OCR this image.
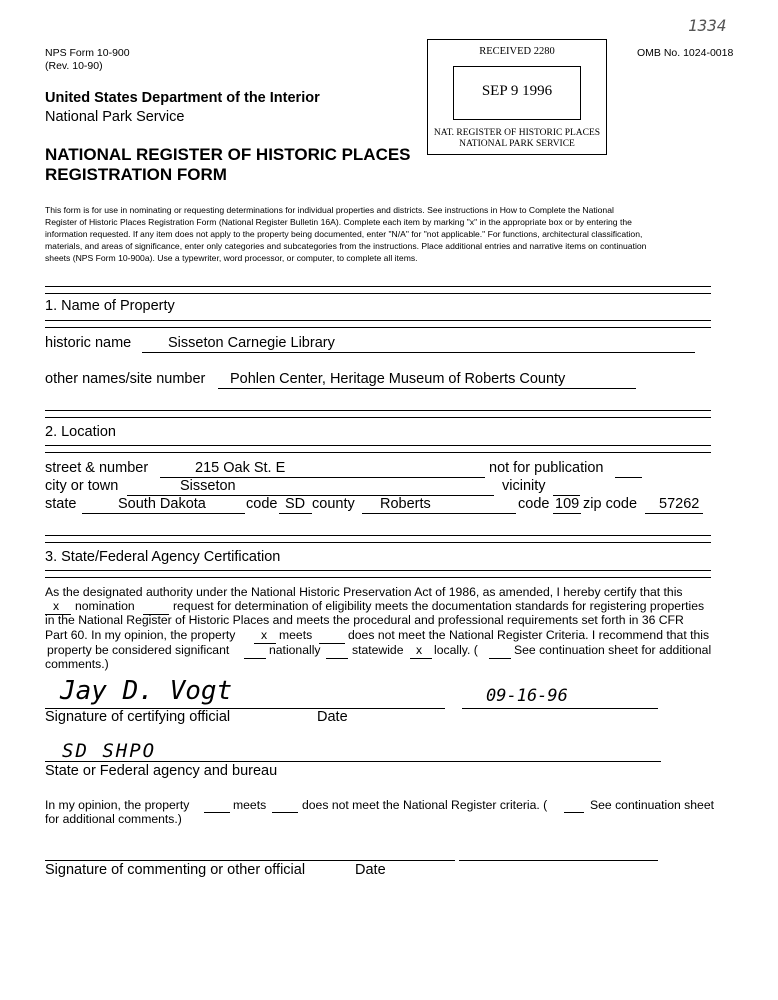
NPS Form 10-900
(Rev. 10-90)
OMB No. 1024-0018
1334
United States Department of the Interior
National Park Service
NATIONAL REGISTER OF HISTORIC PLACES
REGISTRATION FORM
RECEIVED 2280
SEP 9 1996
NAT. REGISTER OF HISTORIC PLACES
NATIONAL PARK SERVICE
This form is for use in nominating or requesting determinations for individual properties and districts. See instructions in How to Complete the National
Register of Historic Places Registration Form (National Register Bulletin 16A). Complete each item by marking "x" in the appropriate box or by entering the
information requested. If any item does not apply to the property being documented, enter "N/A" for "not applicable." For functions, architectural classification,
materials, and areas of significance, enter only categories and subcategories from the instructions. Place additional entries and narrative items on continuation
sheets (NPS Form 10-900a). Use a typewriter, word processor, or computer, to complete all items.
1. Name of Property
historic name	Sisseton Carnegie Library
other names/site number Pohlen Center, Heritage Museum of Roberts County
2. Location
street & number	215 Oak St. E	not for publication
city or town	Sisseton	vicinity
state	South Dakota	code SD county Roberts	code 109 zip code 57262
3. State/Federal Agency Certification
As the designated authority under the National Historic Preservation Act of 1986, as amended, I hereby certify that this
x nomination	request for determination of eligibility meets the documentation standards for registering properties
in the National Register of Historic Places and meets the procedural and professional requirements set forth in 36 CFR
Part 60. In my opinion, the property x meets	does not meet the National Register Criteria. I recommend that this
property be considered significant	nationally	statewide x locally. (	See continuation sheet for additional
comments.)
Jay D. Vogt	09-16-96
Signature of certifying official	Date
SD SHPO
State or Federal agency and bureau
In my opinion, the property	meets	does not meet the National Register criteria. (	See continuation sheet
for additional comments.)
Signature of commenting or other official	Date
